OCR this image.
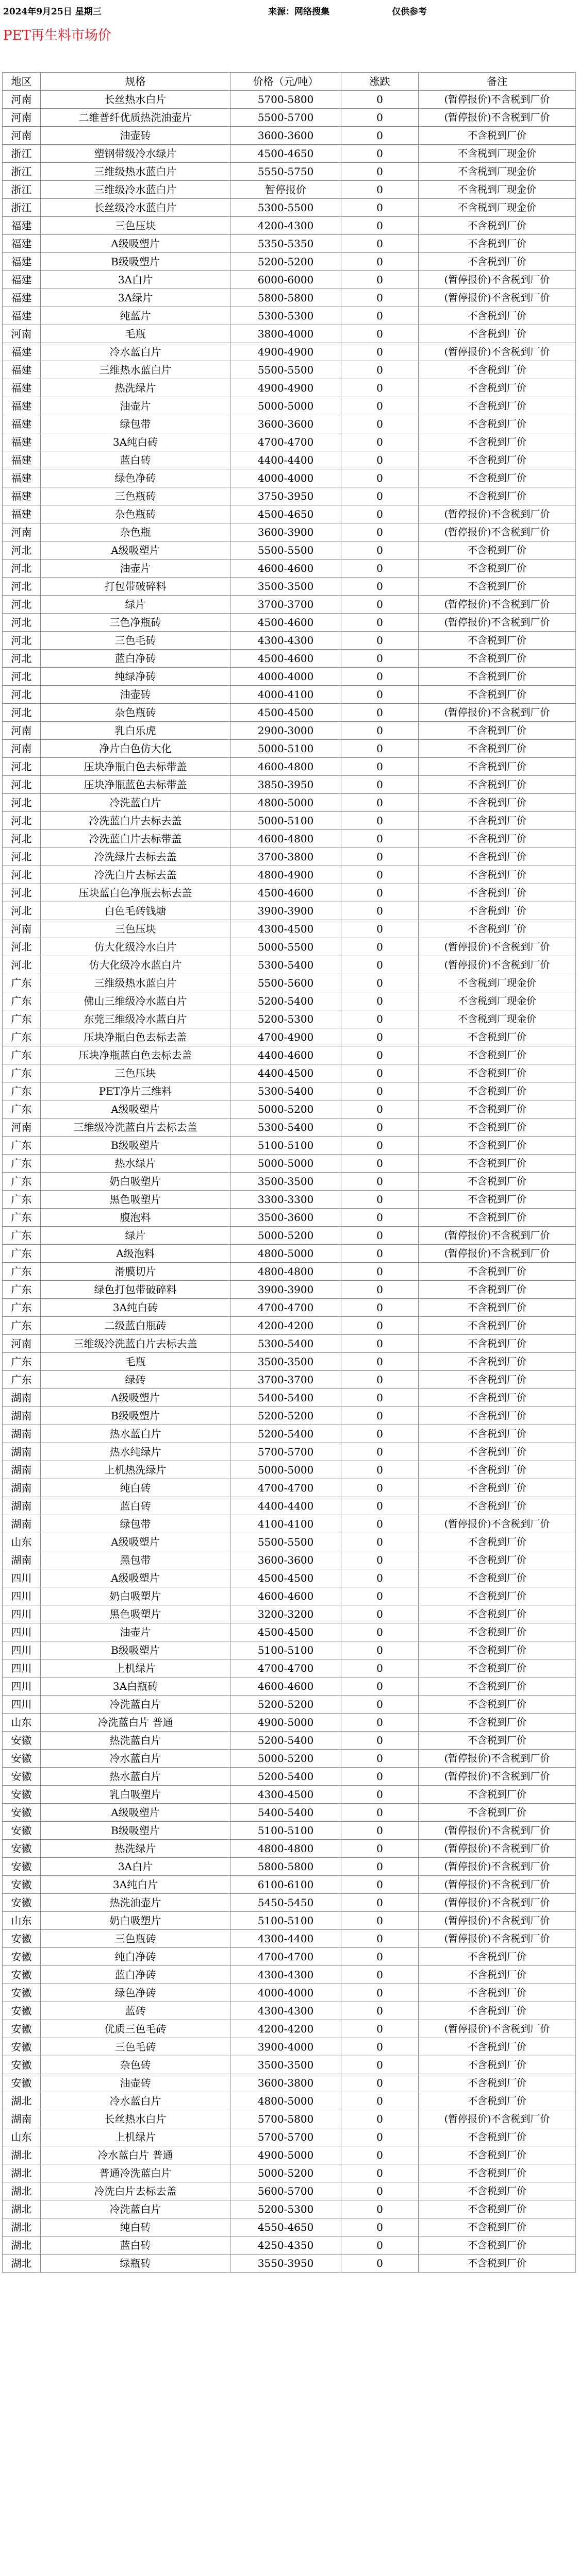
2024年9月25日 星期三	来源：网络搜集	仅供参考
PET再生料市场价
地区	规格	价格（元/吨）	涨跌	备注
河南	长丝热水白片	5700-5800	0	(暂停报价)不含税到厂价
河南	二维普纤优质热洗油壶片	5500-5700	0	(暂停报价)不含税到厂价
河南	油壶砖	3600-3600	0	不含税到厂价
浙江	塑钢带级冷水绿片	4500-4650	0	不含税到厂现金价
浙江	三维级热水蓝白片	5550-5750	0	不含税到厂现金价
浙江	三维级冷水蓝白片	暂停报价	0	不含税到厂现金价
浙江	长丝级冷水蓝白片	5300-5500	0	不含税到厂现金价
福建	三色压块	4200-4300	0	不含税到厂价
福建	A级吸塑片	5350-5350	0	不含税到厂价
福建	B级吸塑片	5200-5200	0	不含税到厂价
福建	3A白片	6000-6000	0	(暂停报价)不含税到厂价
福建	3A绿片	5800-5800	0	(暂停报价)不含税到厂价
福建	纯蓝片	5300-5300	0	不含税到厂价
河南	毛瓶	3800-4000	0	不含税到厂价
福建	冷水蓝白片	4900-4900	0	(暂停报价)不含税到厂价
福建	三维热水蓝白片	5500-5500	0	不含税到厂价
福建	热洗绿片	4900-4900	0	不含税到厂价
福建	油壶片	5000-5000	0	不含税到厂价
福建	绿包带	3600-3600	0	不含税到厂价
福建	3A纯白砖	4700-4700	0	不含税到厂价
福建	蓝白砖	4400-4400	0	不含税到厂价
福建	绿色净砖	4000-4000	0	不含税到厂价
福建	三色瓶砖	3750-3950	0	不含税到厂价
福建	杂色瓶砖	4500-4650	0	(暂停报价)不含税到厂价
河南	杂色瓶	3600-3900	0	(暂停报价)不含税到厂价
河北	A级吸塑片	5500-5500	0	不含税到厂价
河北	油壶片	4600-4600	0	不含税到厂价
河北	打包带破碎料	3500-3500	0	不含税到厂价
河北	绿片	3700-3700	0	(暂停报价)不含税到厂价
河北	三色净瓶砖	4500-4600	0	(暂停报价)不含税到厂价
河北	三色毛砖	4300-4300	0	不含税到厂价
河北	蓝白净砖	4500-4600	0	不含税到厂价
河北	纯绿净砖	4000-4000	0	不含税到厂价
河北	油壶砖	4000-4100	0	不含税到厂价
河北	杂色瓶砖	4500-4500	0	(暂停报价)不含税到厂价
河南	乳白乐虎	2900-3000	0	不含税到厂价
河南	净片白色仿大化	5000-5100	0	不含税到厂价
河北	压块净瓶白色去标带盖	4600-4800	0	不含税到厂价
河北	压块净瓶蓝色去标带盖	3850-3950	0	不含税到厂价
河北	冷洗蓝白片	4800-5000	0	不含税到厂价
河北	冷洗蓝白片去标去盖	5000-5100	0	不含税到厂价
河北	冷洗蓝白片去标带盖	4600-4800	0	不含税到厂价
河北	冷洗绿片去标去盖	3700-3800	0	不含税到厂价
河北	冷洗白片去标去盖	4800-4900	0	不含税到厂价
河北	压块蓝白色净瓶去标去盖	4500-4600	0	不含税到厂价
河北	白色毛砖钱塘	3900-3900	0	不含税到厂价
河南	三色压块	4300-4500	0	不含税到厂价
河北	仿大化级冷水白片	5000-5500	0	(暂停报价)不含税到厂价
河北	仿大化级冷水蓝白片	5300-5400	0	(暂停报价)不含税到厂价
广东	三维级热水蓝白片	5500-5600	0	不含税到厂现金价
广东	佛山三维级冷水蓝白片	5200-5400	0	不含税到厂现金价
广东	东莞三维级冷水蓝白片	5200-5300	0	不含税到厂现金价
广东	压块净瓶白色去标去盖	4700-4900	0	不含税到厂价
广东	压块净瓶蓝白色去标去盖	4400-4600	0	不含税到厂价
广东	三色压块	4400-4500	0	不含税到厂价
广东	PET净片三维料	5300-5400	0	不含税到厂价
广东	A级吸塑片	5000-5200	0	不含税到厂价
河南	三维级冷洗蓝白片去标去盖	5300-5400	0	不含税到厂价
广东	B级吸塑片	5100-5100	0	不含税到厂价
广东	热水绿片	5000-5000	0	不含税到厂价
广东	奶白吸塑片	3500-3500	0	不含税到厂价
广东	黑色吸塑片	3300-3300	0	不含税到厂价
广东	腹泡料	3500-3600	0	不含税到厂价
广东	绿片	5000-5200	0	(暂停报价)不含税到厂价
广东	A级泡料	4800-5000	0	(暂停报价)不含税到厂价
广东	滑膜切片	4800-4800	0	不含税到厂价
广东	绿色打包带破碎料	3900-3900	0	不含税到厂价
广东	3A纯白砖	4700-4700	0	不含税到厂价
广东	二级蓝白瓶砖	4200-4200	0	不含税到厂价
河南	三维级冷洗蓝白片去标去盖	5300-5400	0	不含税到厂价
广东	毛瓶	3500-3500	0	不含税到厂价
广东	绿砖	3700-3700	0	不含税到厂价
湖南	A级吸塑片	5400-5400	0	不含税到厂价
湖南	B级吸塑片	5200-5200	0	不含税到厂价
湖南	热水蓝白片	5200-5400	0	不含税到厂价
湖南	热水纯绿片	5700-5700	0	不含税到厂价
湖南	上机热洗绿片	5000-5000	0	不含税到厂价
湖南	纯白砖	4700-4700	0	不含税到厂价
湖南	蓝白砖	4400-4400	0	不含税到厂价
湖南	绿包带	4100-4100	0	(暂停报价)不含税到厂价
山东	A级吸塑片	5500-5500	0	不含税到厂价
湖南	黑包带	3600-3600	0	不含税到厂价
四川	A级吸塑片	4500-4500	0	不含税到厂价
四川	奶白吸塑片	4600-4600	0	不含税到厂价
四川	黑色吸塑片	3200-3200	0	不含税到厂价
四川	油壶片	4500-4500	0	不含税到厂价
四川	B级吸塑片	5100-5100	0	不含税到厂价
四川	上机绿片	4700-4700	0	不含税到厂价
四川	3A白瓶砖	4600-4600	0	不含税到厂价
四川	冷洗蓝白片	5200-5200	0	不含税到厂价
山东	冷洗蓝白片 普通	4900-5000	0	不含税到厂价
安徽	热洗蓝白片	5200-5400	0	不含税到厂价
安徽	冷水蓝白片	5000-5200	0	(暂停报价)不含税到厂价
安徽	热水蓝白片	5200-5400	0	(暂停报价)不含税到厂价
安徽	乳白吸塑片	4300-4500	0	不含税到厂价
安徽	A级吸塑片	5400-5400	0	不含税到厂价
安徽	B级吸塑片	5100-5100	0	(暂停报价)不含税到厂价
安徽	热洗绿片	4800-4800	0	(暂停报价)不含税到厂价
安徽	3A白片	5800-5800	0	(暂停报价)不含税到厂价
安徽	3A纯白片	6100-6100	0	(暂停报价)不含税到厂价
安徽	热洗油壶片	5450-5450	0	(暂停报价)不含税到厂价
山东	奶白吸塑片	5100-5100	0	(暂停报价)不含税到厂价
安徽	三色瓶砖	4300-4400	0	(暂停报价)不含税到厂价
安徽	纯白净砖	4700-4700	0	不含税到厂价
安徽	蓝白净砖	4300-4300	0	不含税到厂价
安徽	绿色净砖	4000-4000	0	不含税到厂价
安徽	蓝砖	4300-4300	0	不含税到厂价
安徽	优质三色毛砖	4200-4200	0	(暂停报价)不含税到厂价
安徽	三色毛砖	3900-4000	0	不含税到厂价
安徽	杂色砖	3500-3500	0	不含税到厂价
安徽	油壶砖	3600-3800	0	不含税到厂价
湖北	冷水蓝白片	4800-5000	0	不含税到厂价
湖南	长丝热水白片	5700-5800	0	(暂停报价)不含税到厂价
山东	上机绿片	5700-5700	0	不含税到厂价
湖北	冷水蓝白片 普通	4900-5000	0	不含税到厂价
湖北	普通冷洗蓝白片	5000-5200	0	不含税到厂价
湖北	冷洗白片去标去盖	5600-5700	0	不含税到厂价
湖北	冷洗蓝白片	5200-5300	0	不含税到厂价
湖北	纯白砖	4550-4650	0	不含税到厂价
湖北	蓝白砖	4250-4350	0	不含税到厂价
湖北	绿瓶砖	3550-3950	0	不含税到厂价
